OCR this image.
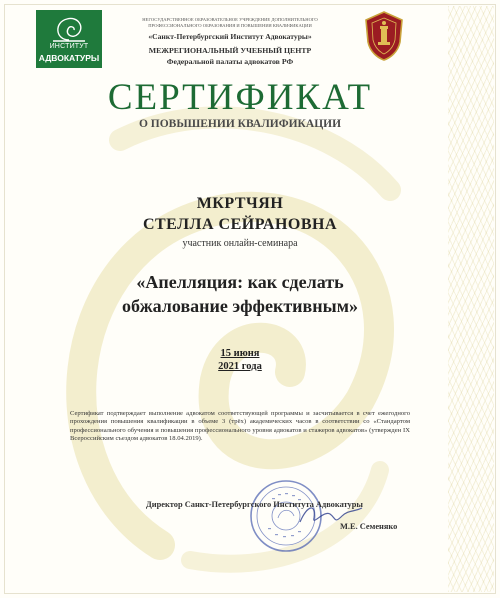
ИНСТИТУТ
АДВОКАТУРЫ
НЕГОСУДАРСТВЕННОЕ ОБРАЗОВАТЕЛЬНОЕ УЧРЕЖДЕНИЕ ДОПОЛНИТЕЛЬНОГО
ПРОФЕССИОНАЛЬНОГО ОБРАЗОВАНИЯ И ПОВЫШЕНИЯ КВАЛИФИКАЦИИ
«Санкт-Петербургский Институт Адвокатуры»
МЕЖРЕГИОНАЛЬНЫЙ УЧЕБНЫЙ ЦЕНТР
Федеральной палаты адвокатов РФ
СЕРТИФИКАТ
О ПОВЫШЕНИИ КВАЛИФИКАЦИИ
МКРТЧЯН
СТЕЛЛА СЕЙРАНОВНА
участник онлайн-семинара
«Апелляция: как сделать
обжалование эффективным»
15 июня
2021 года
Сертификат подтверждает выполнение адвокатом соответствующей программы и засчитывается в счет ежегодного прохождения повышения квалификации в объеме 3 (трёх) академических часов в соответствии со «Стандартом профессионального обучения и повышения профессионального уровня адвокатов и стажеров адвокатов» (утвержден IX Всероссийским съездом адвокатов 18.04.2019).
Директор Санкт-Петербургского Института Адвокатуры
М.Е. Семеняко
